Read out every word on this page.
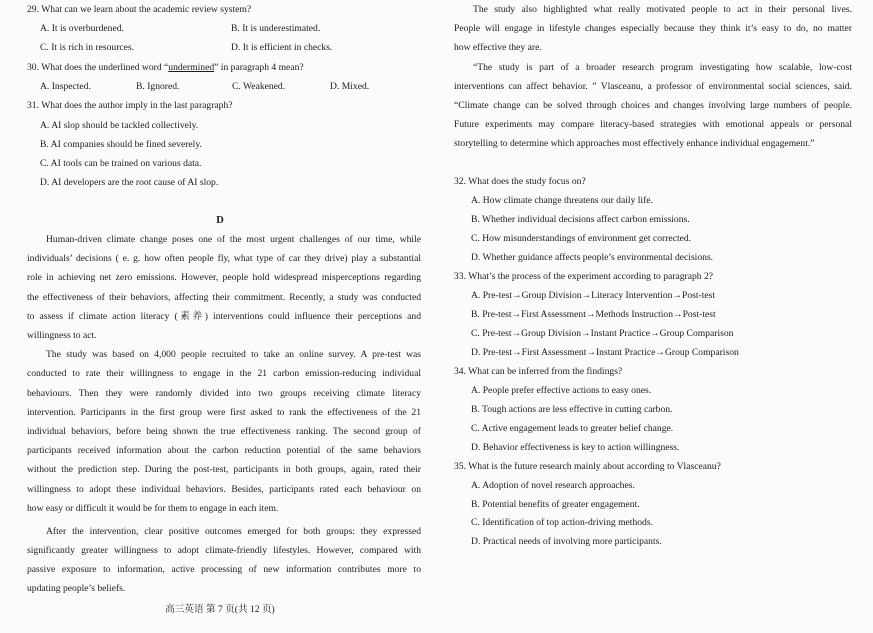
29. What can we learn about the academic review system?
A. It is overburdened.	B. It is underestimated.
C. It is rich in resources.	D. It is efficient in checks.
30. What does the underlined word “undermined” in paragraph 4 mean?
A. Inspected.	B. Ignored.	C. Weakened.	D. Mixed.
31. What does the author imply in the last paragraph?
A. AI slop should be tackled collectively.
B. AI companies should be fined severely.
C. AI tools can be trained on various data.
D. AI developers are the root cause of AI slop.
D
Human-driven climate change poses one of the most urgent challenges of our time, while
individuals’ decisions ( e. g. how often people fly, what type of car they drive) play a substantial
role in achieving net zero emissions. However, people hold widespread misperceptions regarding
the effectiveness of their behaviors, affecting their commitment. Recently, a study was conducted
to assess if climate action literacy (素养) interventions could influence their perceptions and
willingness to act.
The study was based on 4,000 people recruited to take an online survey. A pre-test was
conducted to rate their willingness to engage in the 21 carbon emission-reducing individual
behaviours. Then they were randomly divided into two groups receiving climate literacy
intervention. Participants in the first group were first asked to rank the effectiveness of the 21
individual behaviors, before being shown the true effectiveness ranking. The second group of
participants received information about the carbon reduction potential of the same behaviors
without the prediction step. During the post-test, participants in both groups, again, rated their
willingness to adopt these individual behaviors. Besides, participants rated each behaviour on
how easy or difficult it would be for them to engage in each item.
After the intervention, clear positive outcomes emerged for both groups: they expressed
significantly greater willingness to adopt climate-friendly lifestyles. However, compared with
passive exposure to information, active processing of new information contributes more to
updating people’s beliefs.
高三英语 第 7 页(共 12 页)
The study also highlighted what really motivated people to act in their personal lives.
People will engage in lifestyle changes especially because they think it’s easy to do, no matter
how effective they are.
“The study is part of a broader research program investigating how scalable, low-cost
interventions can affect behavior. ” Vlasceanu, a professor of environmental social sciences, said.
“Climate change can be solved through choices and changes involving large numbers of people.
Future experiments may compare literacy-based strategies with emotional appeals or personal
storytelling to determine which approaches most effectively enhance individual engagement.”
32. What does the study focus on?
A. How climate change threatens our daily life.
B. Whether individual decisions affect carbon emissions.
C. How misunderstandings of environment get corrected.
D. Whether guidance affects people’s environmental decisions.
33. What’s the process of the experiment according to paragraph 2?
A. Pre-test→Group Division→Literacy Intervention→Post-test
B. Pre-test→First Assessment→Methods Instruction→Post-test
C. Pre-test→Group Division→Instant Practice→Group Comparison
D. Pre-test→First Assessment→Instant Practice→Group Comparison
34. What can be inferred from the findings?
A. People prefer effective actions to easy ones.
B. Tough actions are less effective in cutting carbon.
C. Active engagement leads to greater belief change.
D. Behavior effectiveness is key to action willingness.
35. What is the future research mainly about according to Vlasceanu?
A. Adoption of novel research approaches.
B. Potential benefits of greater engagement.
C. Identification of top action-driving methods.
D. Practical needs of involving more participants.
